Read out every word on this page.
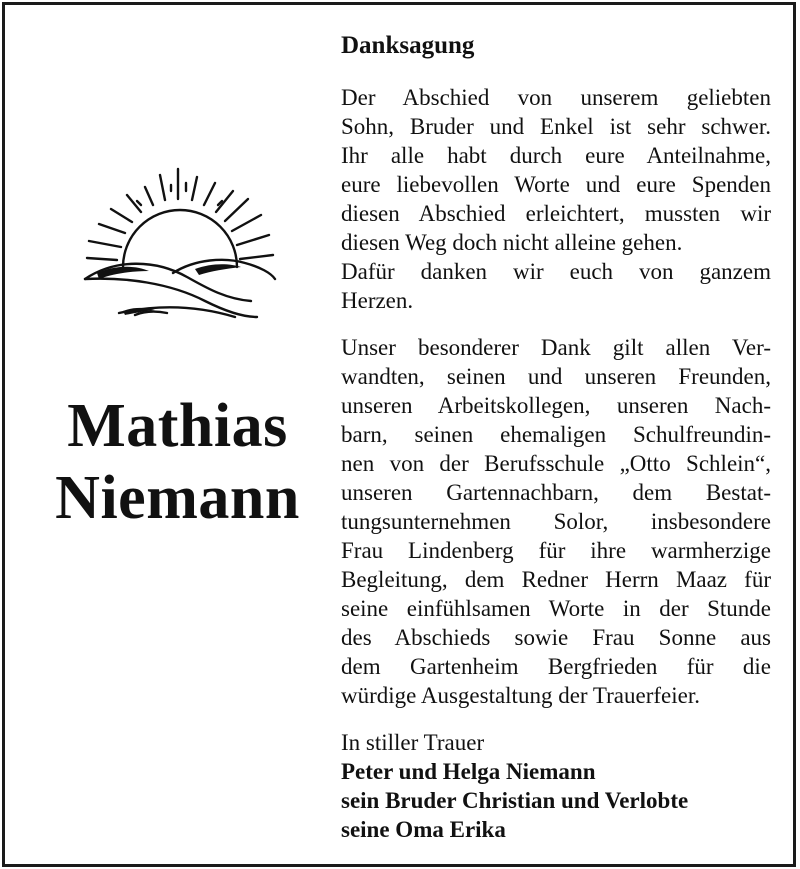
Mathias
Niemann
Danksagung
Der Abschied von unserem geliebten
Sohn, Bruder und Enkel ist sehr schwer.
Ihr alle habt durch eure Anteilnahme,
eure liebevollen Worte und eure Spenden
diesen Abschied erleichtert, mussten wir
diesen Weg doch nicht alleine gehen.
Dafür danken wir euch von ganzem
Herzen.
Unser besonderer Dank gilt allen Ver-
wandten, seinen und unseren Freunden,
unseren Arbeitskollegen, unseren Nach-
barn, seinen ehemaligen Schulfreundin-
nen von der Berufsschule „Otto Schlein“,
unseren Gartennachbarn, dem Bestat-
tungsunternehmen Solor, insbesondere
Frau Lindenberg für ihre warmherzige
Begleitung, dem Redner Herrn Maaz für
seine einfühlsamen Worte in der Stunde
des Abschieds sowie Frau Sonne aus
dem Gartenheim Bergfrieden für die
würdige Ausgestaltung der Trauerfeier.
In stiller Trauer
Peter und Helga Niemann
sein Bruder Christian und Verlobte
seine Oma Erika
